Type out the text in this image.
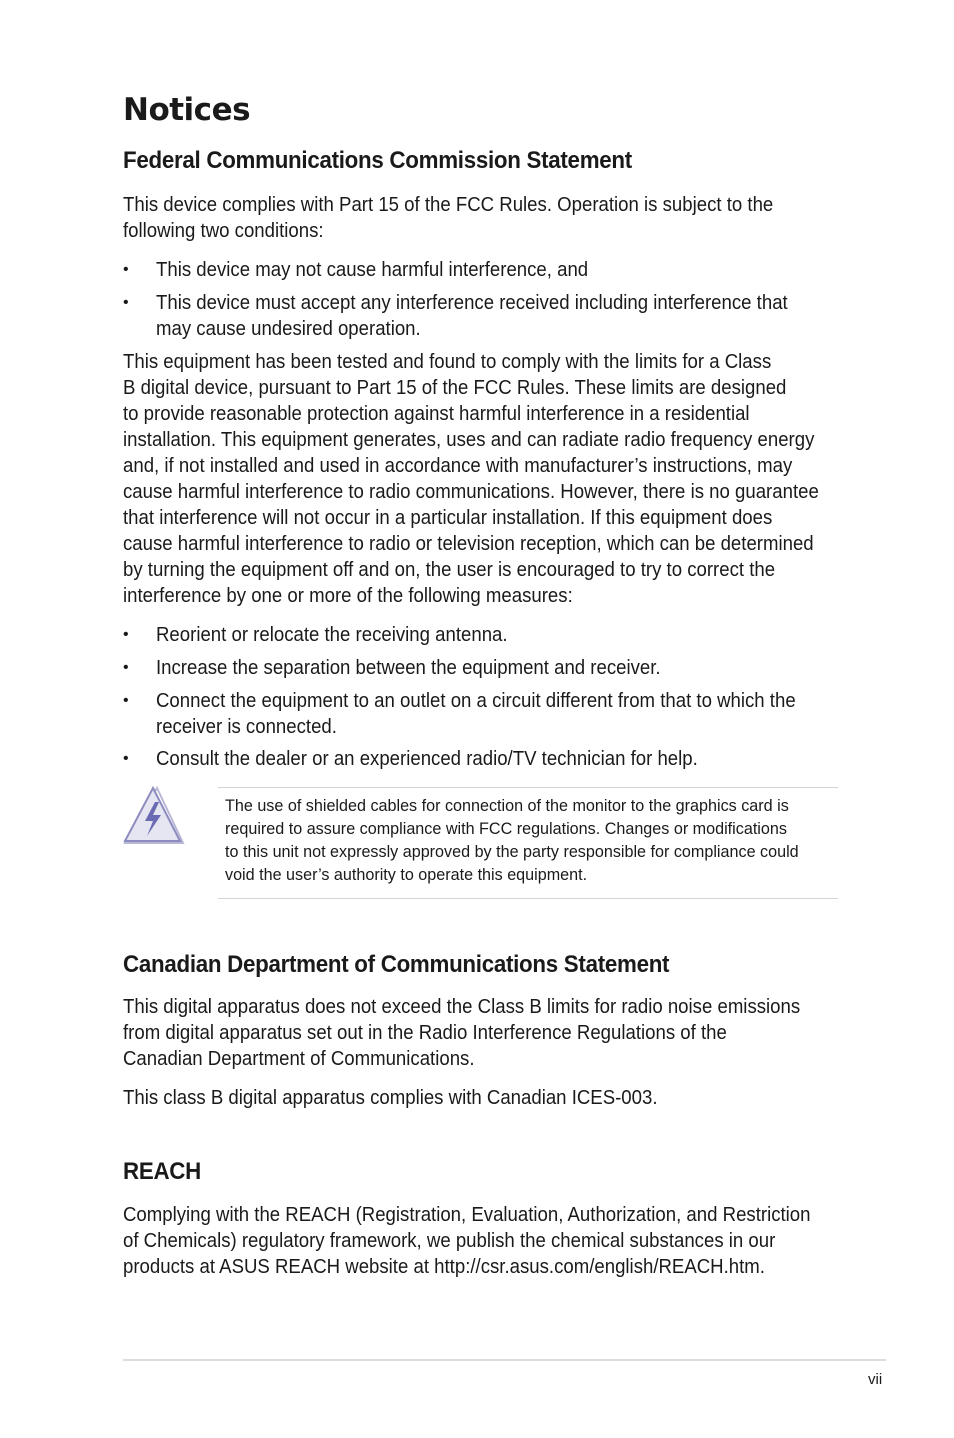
Notices
Federal Communications Commission Statement

This device complies with Part 15 of the FCC Rules. Operation is subject to the
following two conditions:

• This device may not cause harmful interference, and
• This device must accept any interference received including interference that
may cause undesired operation.

This equipment has been tested and found to comply with the limits for a Class
B digital device, pursuant to Part 15 of the FCC Rules. These limits are designed
to provide reasonable protection against harmful interference in a residential
installation. This equipment generates, uses and can radiate radio frequency energy
and, if not installed and used in accordance with manufacturer’s instructions, may
cause harmful interference to radio communications. However, there is no guarantee
that interference will not occur in a particular installation. If this equipment does
cause harmful interference to radio or television reception, which can be determined
by turning the equipment off and on, the user is encouraged to try to correct the
interference by one or more of the following measures:

• Reorient or relocate the receiving antenna.
• Increase the separation between the equipment and receiver.
• Connect the equipment to an outlet on a circuit different from that to which the
receiver is connected.
• Consult the dealer or an experienced radio/TV technician for help.

The use of shielded cables for connection of the monitor to the graphics card is
required to assure compliance with FCC regulations. Changes or modifications
to this unit not expressly approved by the party responsible for compliance could
void the user’s authority to operate this equipment.

Canadian Department of Communications Statement

This digital apparatus does not exceed the Class B limits for radio noise emissions
from digital apparatus set out in the Radio Interference Regulations of the
Canadian Department of Communications.

This class B digital apparatus complies with Canadian ICES-003.

REACH

Complying with the REACH (Registration, Evaluation, Authorization, and Restriction
of Chemicals) regulatory framework, we publish the chemical substances in our
products at ASUS REACH website at http://csr.asus.com/english/REACH.htm.

vii
